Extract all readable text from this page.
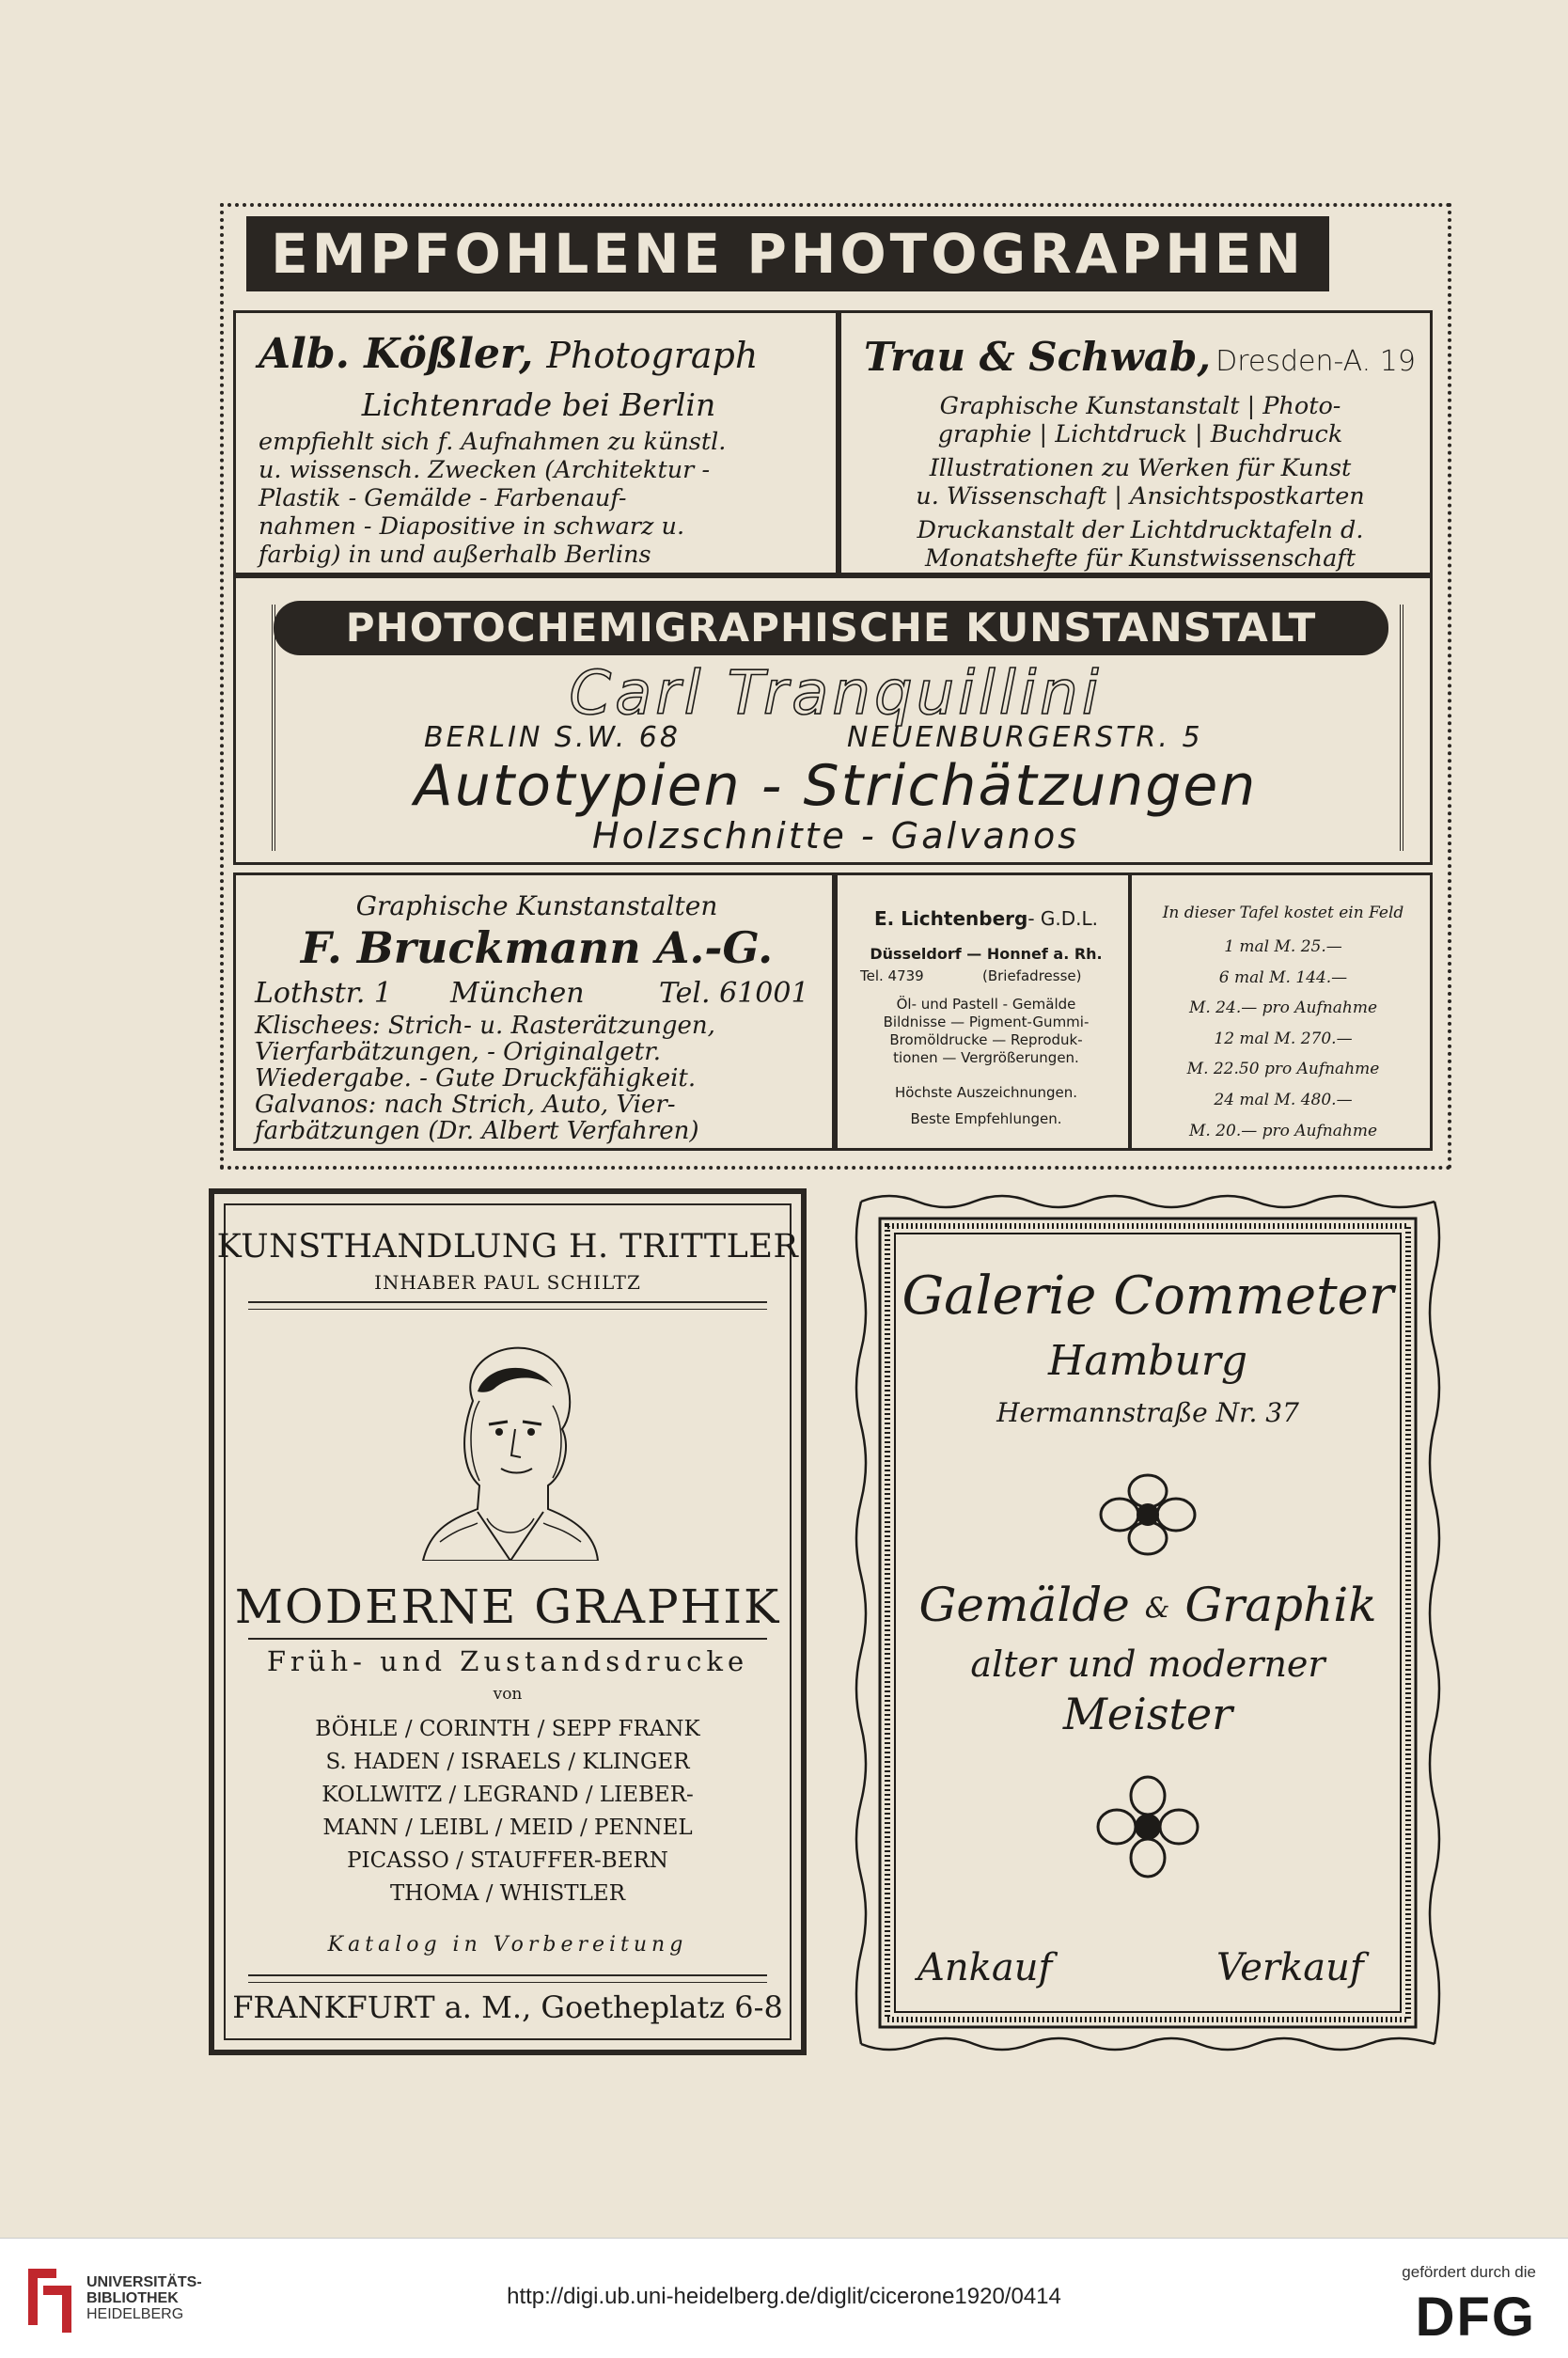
EMPFOHLENE PHOTOGRAPHEN
Alb. Kößler, Photograph
Lichtenrade bei Berlin
empfiehlt sich f. Aufnahmen zu künstl.
u. wissensch. Zwecken (Architektur -
Plastik - Gemälde - Farbenauf-
nahmen - Diapositive in schwarz u.
farbig) in und außerhalb Berlins
Trau & Schwab, Dresden-A. 19
Graphische Kunstanstalt | Photo-
graphie | Lichtdruck | Buchdruck
Illustrationen zu Werken für Kunst
u. Wissenschaft | Ansichtspostkarten
Druckanstalt der Lichtdrucktafeln d.
Monatshefte für Kunstwissenschaft
PHOTOCHEMIGRAPHISCHE KUNSTANSTALT
Carl Tranquillini
BERLIN S.W. 68	NEUENBURGERSTR. 5
Autotypien - Strichätzungen
Holzschnitte - Galvanos
Graphische Kunstanstalten
F. Bruckmann A.-G.
Lothstr. 1 München	Tel. 61001
Klischees: Strich- u. Rasterätzungen,
Vierfarbätzungen, - Originalgetr.
Wiedergabe. - Gute Druckfähigkeit.
Galvanos: nach Strich, Auto, Vier-
farbätzungen (Dr. Albert Verfahren)
E. Lichtenberg- G.D.L.
Düsseldorf — Honnef a. Rh.
Tel. 4739	(Briefadresse)
Öl- und Pastell - Gemälde
Bildnisse — Pigment-Gummi-
Bromöldrucke — Reproduk-
tionen — Vergrößerungen.
Höchste Auszeichnungen.
Beste Empfehlungen.
In dieser Tafel kostet ein Feld
1 mal M. 25.—
6 mal M. 144.—
M. 24.— pro Aufnahme
12 mal M. 270.—
M. 22.50 pro Aufnahme
24 mal M. 480.—
M. 20.— pro Aufnahme
KUNSTHANDLUNG H. TRITTLER
INHABER PAUL SCHILTZ
MODERNE GRAPHIK
Früh- und Zustandsdrucke
von
BÖHLE / CORINTH / SEPP FRANK
S. HADEN / ISRAELS / KLINGER
KOLLWITZ / LEGRAND / LIEBER-
MANN / LEIBL / MEID / PENNEL
PICASSO / STAUFFER-BERN
THOMA / WHISTLER
Katalog in Vorbereitung
FRANKFURT a. M., Goetheplatz 6-8
Galerie Commeter
Hamburg
Hermannstraße Nr. 37
Gemälde & Graphik
alter und moderner
Meister
Ankauf	Verkauf
UNIVERSITÄTS-
BIBLIOTHEK
HEIDELBERG
http://digi.ub.uni-heidelberg.de/diglit/cicerone1920/0414
gefördert durch die
DFG
